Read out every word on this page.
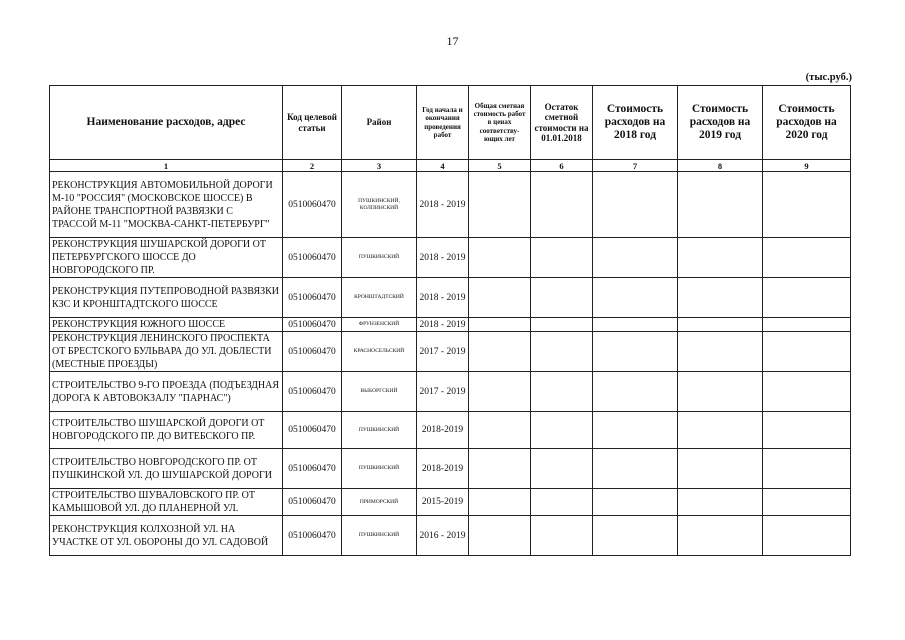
17
(тыс.руб.)
Наименование расходов, адрес	Код целевой статьи	Район	Год начала и окончания проведения работ	Общая сметная стоимость работ в ценах соответству-ющих лет	Остаток сметной стоимости на 01.01.2018	Стоимость расходов на 2018 год	Стоимость расходов на 2019 год	Стоимость расходов на 2020 год
1	2	3	4	5	6	7	8	9
РЕКОНСТРУКЦИЯ АВТОМОБИЛЬНОЙ ДОРОГИ М-10 "РОССИЯ" (МОСКОВСКОЕ ШОССЕ) В РАЙОНЕ ТРАНСПОРТНОЙ РАЗВЯЗКИ С ТРАССОЙ М-11 "МОСКВА-САНКТ-ПЕТЕРБУРГ"	0510060470	ПУШКИНСКИЙ, КОЛПИНСКИЙ	2018 - 2019					
РЕКОНСТРУКЦИЯ ШУШАРСКОЙ ДОРОГИ ОТ ПЕТЕРБУРГСКОГО ШОССЕ ДО НОВГОРОДСКОГО ПР.	0510060470	ПУШКИНСКИЙ	2018 - 2019					
РЕКОНСТРУКЦИЯ ПУТЕПРОВОДНОЙ РАЗВЯЗКИ КЗС И КРОНШТАДТСКОГО ШОССЕ	0510060470	КРОНШТАДТСКИЙ	2018 - 2019					
РЕКОНСТРУКЦИЯ ЮЖНОГО ШОССЕ	0510060470	ФРУНЗЕНСКИЙ	2018 - 2019					
РЕКОНСТРУКЦИЯ ЛЕНИНСКОГО ПРОСПЕКТА ОТ БРЕСТСКОГО БУЛЬВАРА ДО УЛ. ДОБЛЕСТИ (МЕСТНЫЕ ПРОЕЗДЫ)	0510060470	КРАСНОСЕЛЬСКИЙ	2017 - 2019					
СТРОИТЕЛЬСТВО 9-ГО ПРОЕЗДА (ПОДЪЕЗДНАЯ ДОРОГА К АВТОВОКЗАЛУ "ПАРНАС")	0510060470	ВЫБОРГСКИЙ	2017 - 2019					
СТРОИТЕЛЬСТВО ШУШАРСКОЙ ДОРОГИ ОТ НОВГОРОДСКОГО ПР. ДО ВИТЕБСКОГО ПР.	0510060470	ПУШКИНСКИЙ	2018-2019					
СТРОИТЕЛЬСТВО НОВГОРОДСКОГО ПР. ОТ ПУШКИНСКОЙ УЛ. ДО ШУШАРСКОЙ ДОРОГИ	0510060470	ПУШКИНСКИЙ	2018-2019					
СТРОИТЕЛЬСТВО ШУВАЛОВСКОГО ПР. ОТ КАМЫШОВОЙ УЛ. ДО ПЛАНЕРНОЙ УЛ.	0510060470	ПРИМОРСКИЙ	2015-2019					
РЕКОНСТРУКЦИЯ КОЛХОЗНОЙ УЛ. НА УЧАСТКЕ ОТ УЛ. ОБОРОНЫ ДО УЛ. САДОВОЙ	0510060470	ПУШКИНСКИЙ	2016 - 2019					
